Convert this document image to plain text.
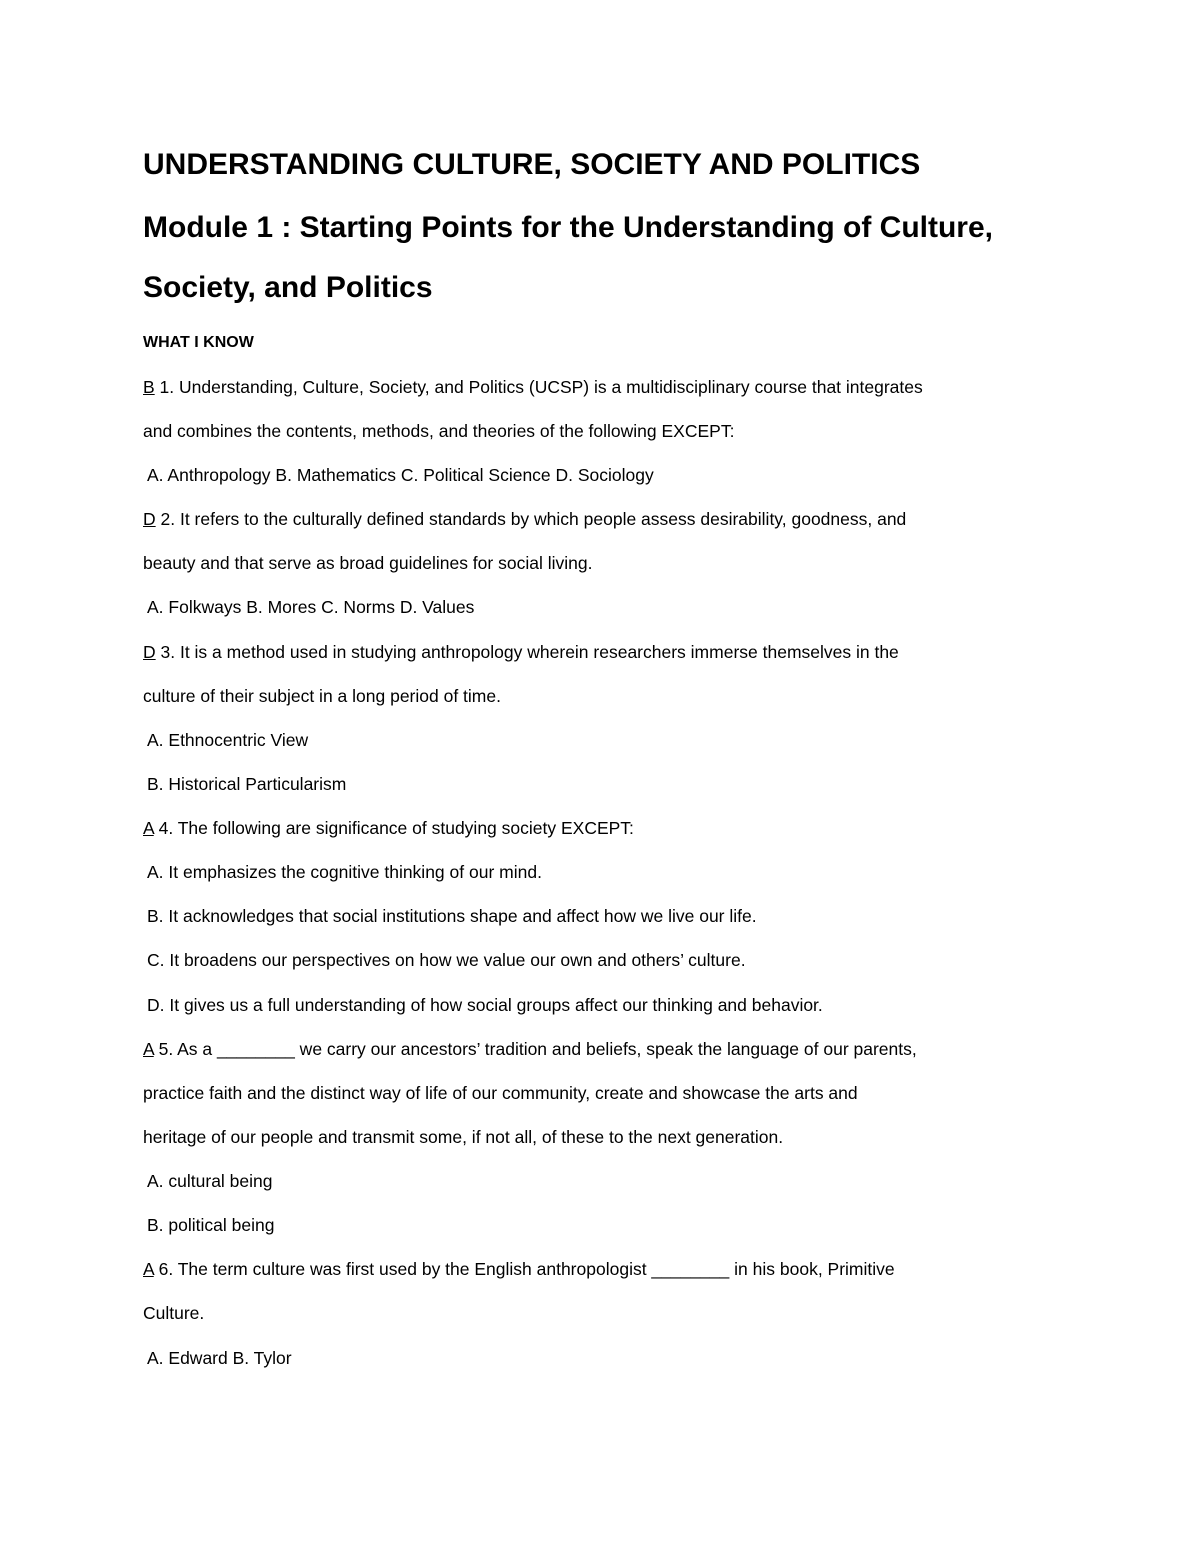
UNDERSTANDING CULTURE, SOCIETY AND POLITICS
Module 1 : Starting Points for the Understanding of Culture,
Society, and Politics
WHAT I KNOW
B 1. Understanding, Culture, Society, and Politics (UCSP) is a multidisciplinary course that integrates
and combines the contents, methods, and theories of the following EXCEPT:
A. Anthropology B. Mathematics C. Political Science D. Sociology
D 2. It refers to the culturally defined standards by which people assess desirability, goodness, and
beauty and that serve as broad guidelines for social living.
A. Folkways B. Mores C. Norms D. Values
D 3. It is a method used in studying anthropology wherein researchers immerse themselves in the
culture of their subject in a long period of time.
A. Ethnocentric View
B. Historical Particularism
A 4. The following are significance of studying society EXCEPT:
A. It emphasizes the cognitive thinking of our mind.
B. It acknowledges that social institutions shape and affect how we live our life.
C. It broadens our perspectives on how we value our own and others’ culture.
D. It gives us a full understanding of how social groups affect our thinking and behavior.
A 5. As a ________ we carry our ancestors’ tradition and beliefs, speak the language of our parents,
practice faith and the distinct way of life of our community, create and showcase the arts and
heritage of our people and transmit some, if not all, of these to the next generation.
A. cultural being
B. political being
A 6. The term culture was first used by the English anthropologist ________ in his book, Primitive
Culture.
A. Edward B. Tylor
